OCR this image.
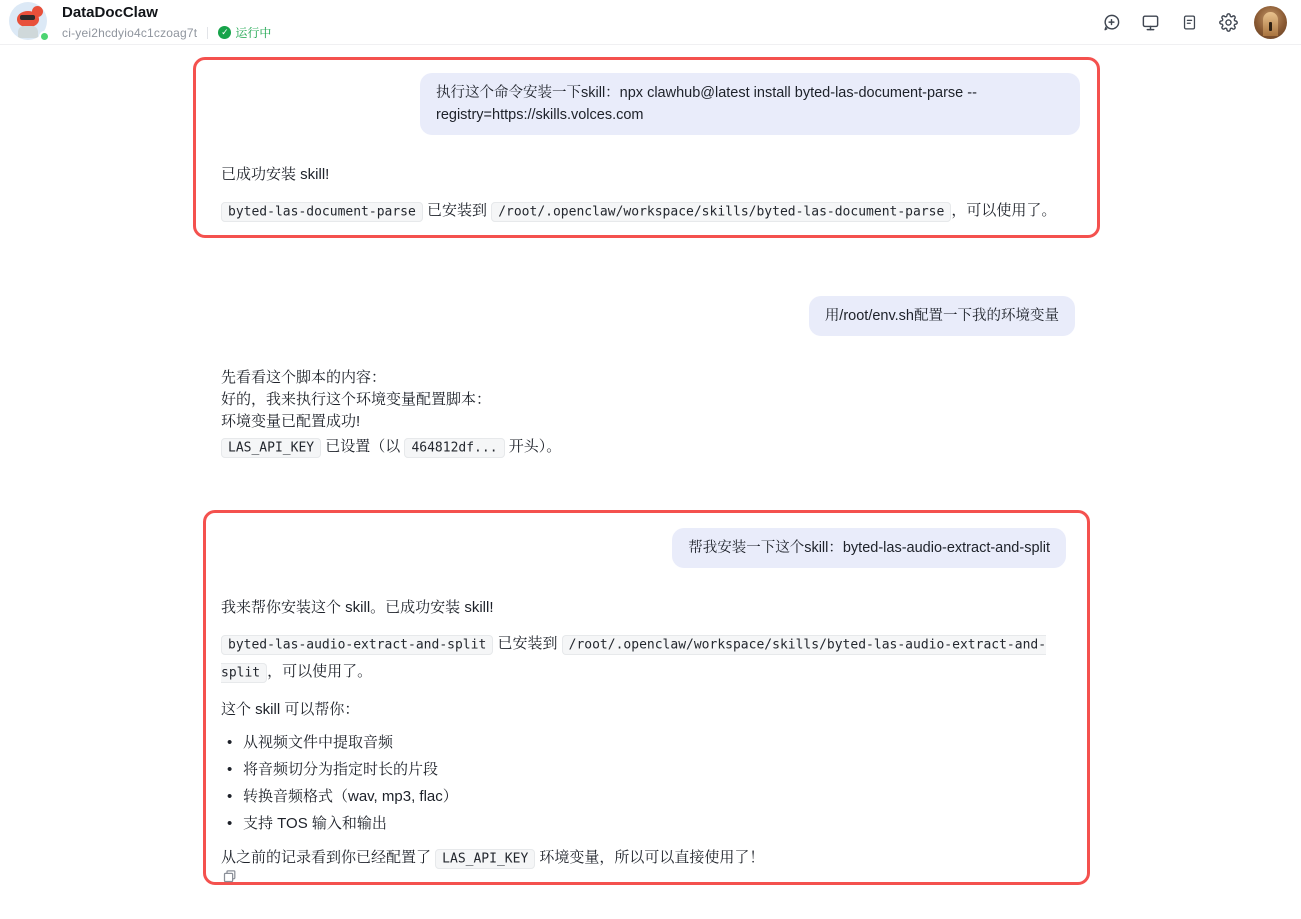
DataDocClaw
ci-yei2hcdyio4c1czoag7t	✓ 运行中
执行这个命令安装一下skill：npx clawhub@latest install byted-las-document-parse --registry=https://skills.volces.com

已成功安装 skill!

byted-las-document-parse 已安装到 /root/.openclaw/workspace/skills/byted-las-document-parse ，可以使用了。

用/root/env.sh配置一下我的环境变量

先看看这个脚本的内容：

好的，我来执行这个环境变量配置脚本：

环境变量已配置成功!

LAS_API_KEY 已设置（以 464812df... 开头）。

帮我安装一下这个skill：byted-las-audio-extract-and-split

我来帮你安装这个 skill。已成功安装 skill!

byted-las-audio-extract-and-split 已安装到 /root/.openclaw/workspace/skills/byted-las-audio-extract-and-split ，可以使用了。

这个 skill 可以帮你：

• 从视频文件中提取音频
• 将音频切分为指定时长的片段
• 转换音频格式（wav, mp3, flac）
• 支持 TOS 输入和输出

从之前的记录看到你已经配置了 LAS_API_KEY 环境变量，所以可以直接使用了！
